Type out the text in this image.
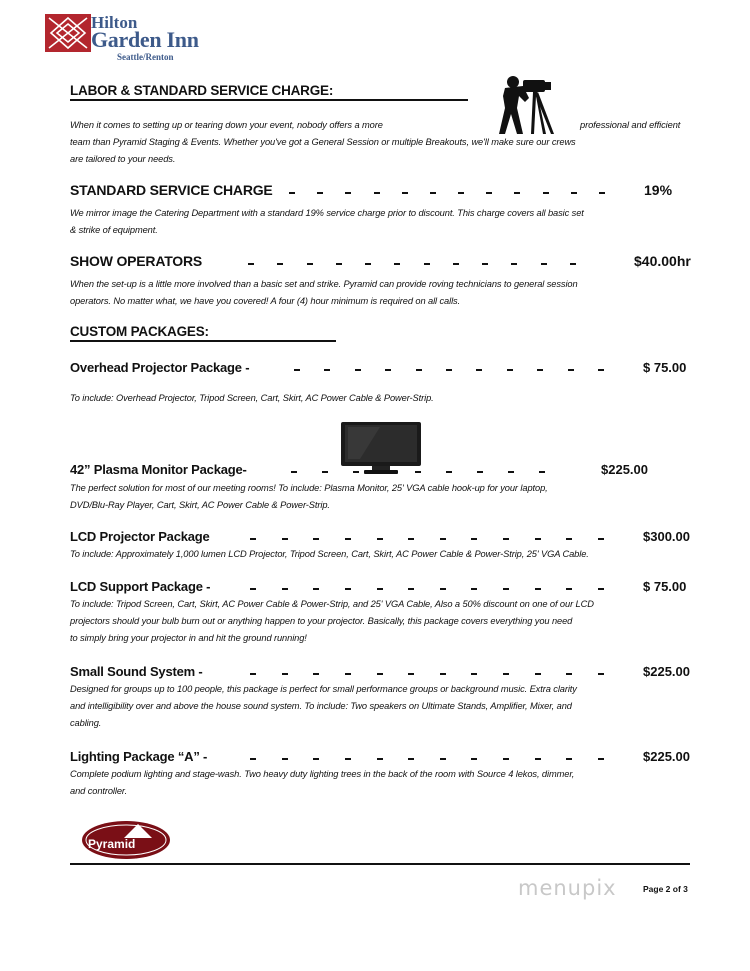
Hilton
Garden Inn
Seattle/Renton
LABOR & STANDARD SERVICE CHARGE:
When it comes to setting up or tearing down your event, nobody offers a more	professional and efficient
team than Pyramid Staging & Events. Whether you've got a General Session or multiple Breakouts, we'll make sure our crews
are tailored to your needs.
STANDARD SERVICE CHARGE	19%
We mirror image the Catering Department with a standard 19% service charge prior to discount. This charge covers all basic set
& strike of equipment.
SHOW OPERATORS	$40.00hr
When the set-up is a little more involved than a basic set and strike. Pyramid can provide roving technicians to general session
operators. No matter what, we have you covered! A four (4) hour minimum is required on all calls.
CUSTOM PACKAGES:
Overhead Projector Package -	$ 75.00
To include: Overhead Projector, Tripod Screen, Cart, Skirt, AC Power Cable & Power-Strip.
42” Plasma Monitor Package-	$225.00
The perfect solution for most of our meeting rooms! To include: Plasma Monitor, 25' VGA cable hook-up for your laptop,
DVD/Blu-Ray Player, Cart, Skirt, AC Power Cable & Power-Strip.
LCD Projector Package	$300.00
To include: Approximately 1,000 lumen LCD Projector, Tripod Screen, Cart, Skirt, AC Power Cable & Power-Strip, 25' VGA Cable.
LCD Support Package -	$ 75.00
To include: Tripod Screen, Cart, Skirt, AC Power Cable & Power-Strip, and 25' VGA Cable, Also a 50% discount on one of our LCD
projectors should your bulb burn out or anything happen to your projector. Basically, this package covers everything you need
to simply bring your projector in and hit the ground running!
Small Sound System -	$225.00
Designed for groups up to 100 people, this package is perfect for small performance groups or background music. Extra clarity
and intelligibility over and above the house sound system. To include: Two speakers on Ultimate Stands, Amplifier, Mixer, and
cabling.
Lighting Package “A” -	$225.00
Complete podium lighting and stage-wash. Two heavy duty lighting trees in the back of the room with Source 4 lekos, dimmer,
and controller.
Pyramid
menupix	Page 2 of 3
